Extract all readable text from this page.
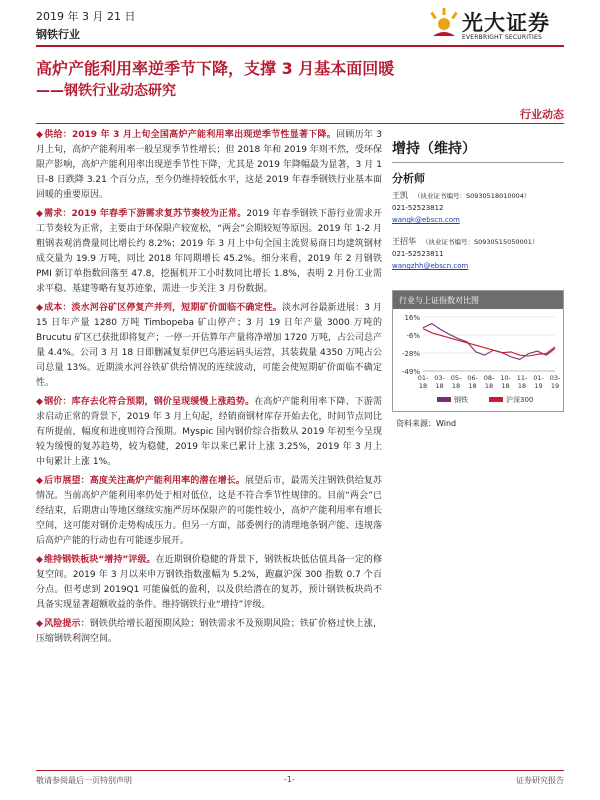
2019 年 3 月 21 日
钢铁行业	光大证券
EVERBRIGHT SECURITIES
高炉产能利用率逆季节下降，支撑 3 月基本面回暖
——钢铁行业动态研究
行业动态

◆ 供给：2019 年 3 月上旬全国高炉产能利用率出现逆季节性显著下降。回顾历年 3 月上旬，高炉产能利用率一般呈现季节性增长；但 2018 年和 2019 年则不然，受环保限产影响，高炉产能利用率出现逆季节性下降，尤其是 2019 年降幅最为显著，3 月 1 日-8 日跌降 3.21 个百分点，至今仍维持较低水平，这是 2019 年春季钢铁行业基本面回暖的重要原因。

◆ 需求：2019 年春季下游需求复苏节奏较为正常。2019 年春季钢铁下游行业需求开工节奏较为正常，主要由于环保限产较宽松，“两会”会期较短等原因。2019 年 1-2 月粗钢表观消费量同比增长约 8.2%；2019 年 3 月上中旬全国主流贸易商日均建筑钢材成交量为 19.9 万吨，同比 2018 年同期增长 45.2%。细分来看，2019 年 2 月钢铁 PMI 新订单指数回落至 47.8，挖掘机开工小时数同比增长 1.8%，表明 2 月份工业需求平稳、基建等略有复苏迹象，需进一步关注 3 月份数据。

◆ 成本：淡水河谷矿区停复产并列，短期矿价面临不确定性。淡水河谷最新进展：3 月 15 日年产量 1280 万吨 Timbopeba 矿山停产；3 月 19 日年产量 3000 万吨的 Brucutu 矿区已获批即将复产；一停一开估算年产量将净增加 1720 万吨，占公司总产量 4.4%。公司 3 月 18 日即删减复泵伊巴乌港运码头运营，其装载量 4350 万吨占公司总量 13%。近期淡水河谷铁矿供给情况的连续波动，可能会使短期矿价面临不确定性。

◆ 钢价：库存去化符合预期，钢价呈现缓慢上涨趋势。在高炉产能利用率下降、下游需求启动正常的背景下，2019 年 3 月上旬起，经销商钢材库存开始去化，时间节点同比有所提前，幅度和进度则符合预期。Myspic 国内钢价综合指数从 2019 年初至今呈现较为缓慢的复苏趋势，较为稳健，2019 年以来已累计上涨 3.25%，2019 年 3 月上中旬累计上涨 1%。

◆ 后市展望：高度关注高炉产能利用率的潜在增长。展望后市，最需关注钢铁供给复苏情况。当前高炉产能利用率仍处于相对低位，这是不符合季节性规律的。目前“两会”已经结束，后期唐山等地区继续实施严厉环保限产的可能性较小，高炉产能利用率有增长空间，这可能对钢价走势构成压力。但另一方面，部委例行的清理地条钢产能、违规落后高炉产能的行动也有可能逐步展开。

◆ 维持钢铁板块“增持”评级。在近期钢价稳健的背景下，钢铁板块低估值具备一定的修复空间。2019 年 3 月以来申万钢铁指数涨幅为 5.2%，跑赢沪深 300 指数 0.7 个百分点。但考虑到 2019Q1 可能偏低的盈利，以及供给潜在的复苏，预计钢铁板块尚不具备实现显著超额收益的条件。维持钢铁行业“增持”评级。

◆ 风险提示：钢铁供给增长超预期风险；钢铁需求不及预期风险；铁矿价格过快上涨，压缩钢铁利润空间。

增持（维持）
分析师
王凯 （执业证书编号：S0930518010004）
021-52523812
wangk@ebscn.com
王招华 （执业证书编号：S0930515050001）
021-52523811
wangzhh@ebscn.com
行业与上证指数对比图
16%
-6%
-28%
-49%
01-
18
03-
18
05-
18
06-
18
08-
18
10-
18
11-
18
01-
19
03-
19
钢铁	沪深300
资料来源：Wind
敬请参阅最后一页特别声明	-1-	证券研究报告
